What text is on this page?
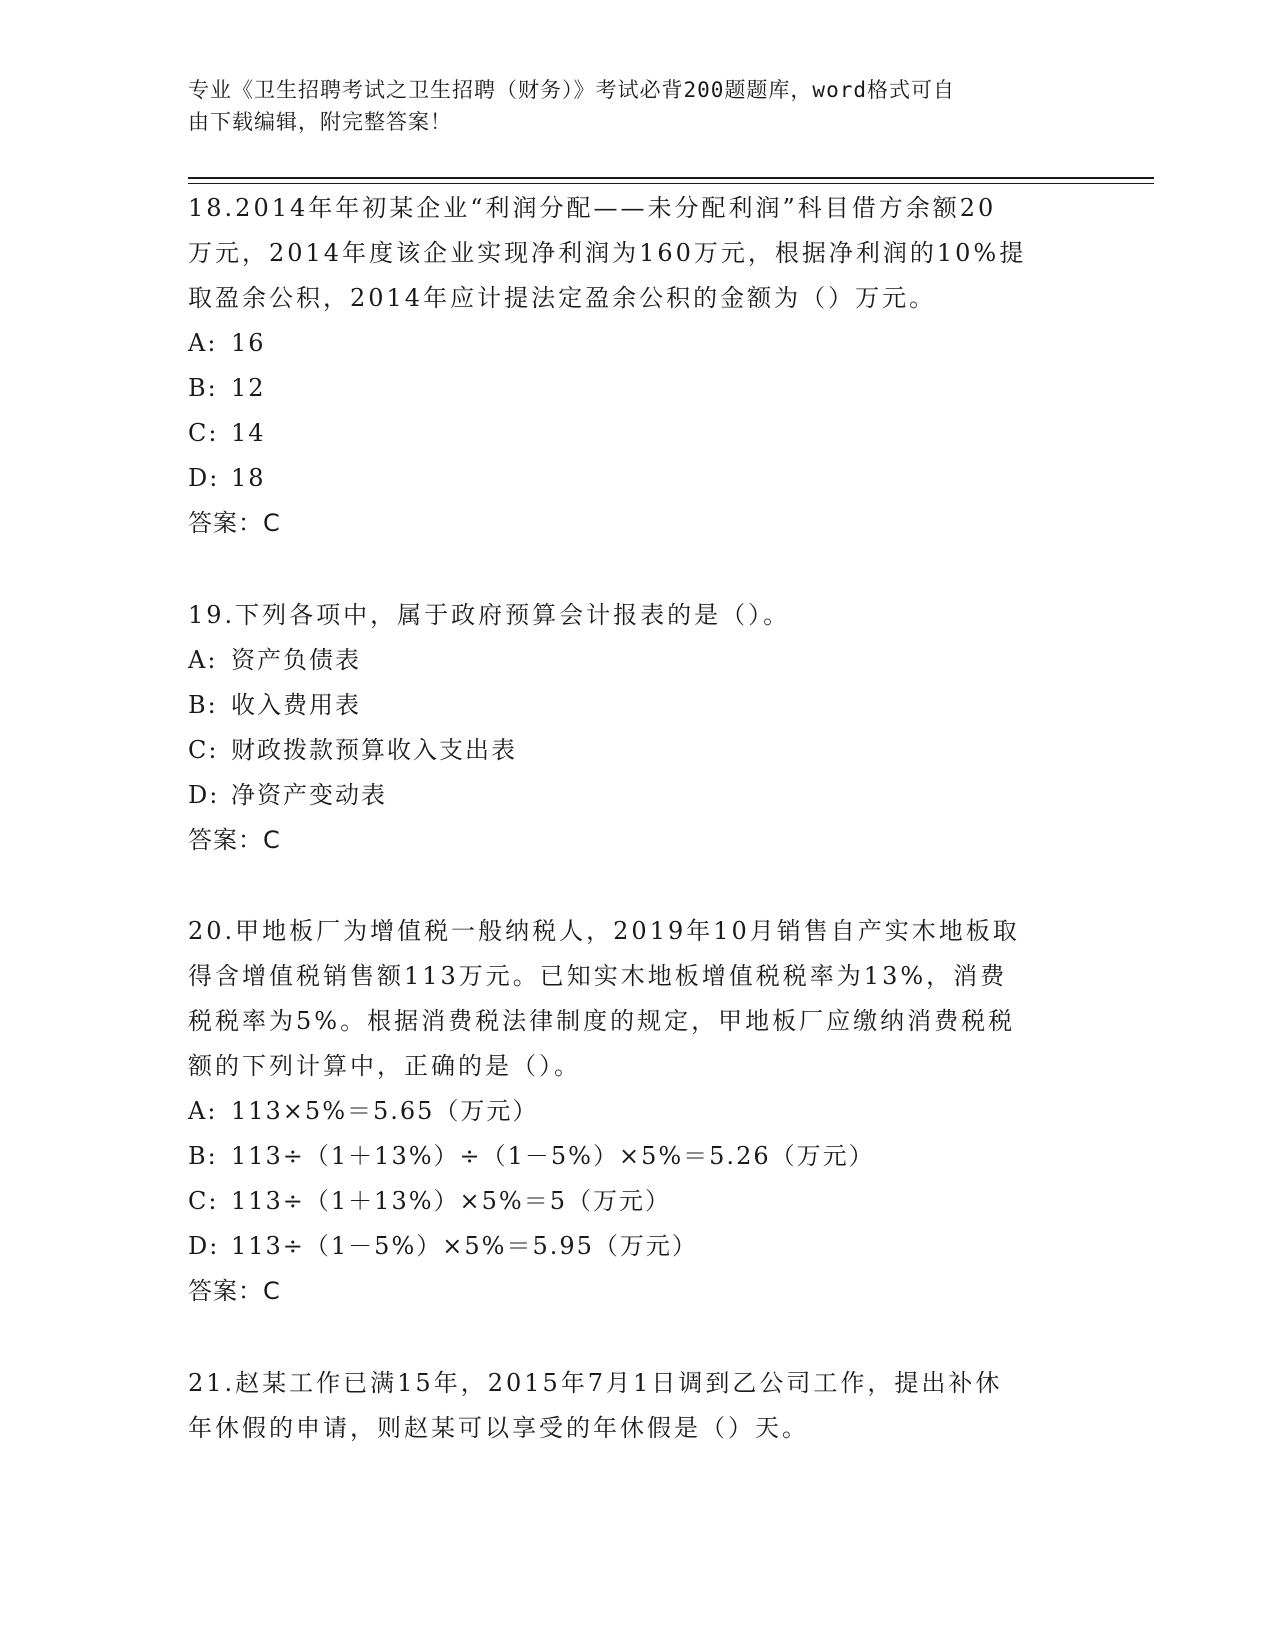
专业《卫生招聘考试之卫生招聘（财务）》考试必背200题题库，word格式可自
由下载编辑，附完整答案！

18.2014年年初某企业“利润分配——未分配利润”科目借方余额20

万元，2014年度该企业实现净利润为160万元，根据净利润的10%提

取盈余公积，2014年应计提法定盈余公积的金额为（）万元。

A: 16

B: 12

C: 14

D: 18

答案：C

19.下列各项中，属于政府预算会计报表的是（）。

A: 资产负债表

B: 收入费用表

C: 财政拨款预算收入支出表

D: 净资产变动表

答案：C

20.甲地板厂为增值税一般纳税人，2019年10月销售自产实木地板取

得含增值税销售额113万元。已知实木地板增值税税率为13%，消费

税税率为5%。根据消费税法律制度的规定，甲地板厂应缴纳消费税税

额的下列计算中，正确的是（）。

A: 113×5%＝5.65（万元）

B: 113÷（1＋13%）÷（1－5%）×5%＝5.26（万元）

C: 113÷（1＋13%）×5%＝5（万元）

D: 113÷（1－5%）×5%＝5.95（万元）

答案：C

21.赵某工作已满15年，2015年7月1日调到乙公司工作，提出补休

年休假的申请，则赵某可以享受的年休假是（）天。
